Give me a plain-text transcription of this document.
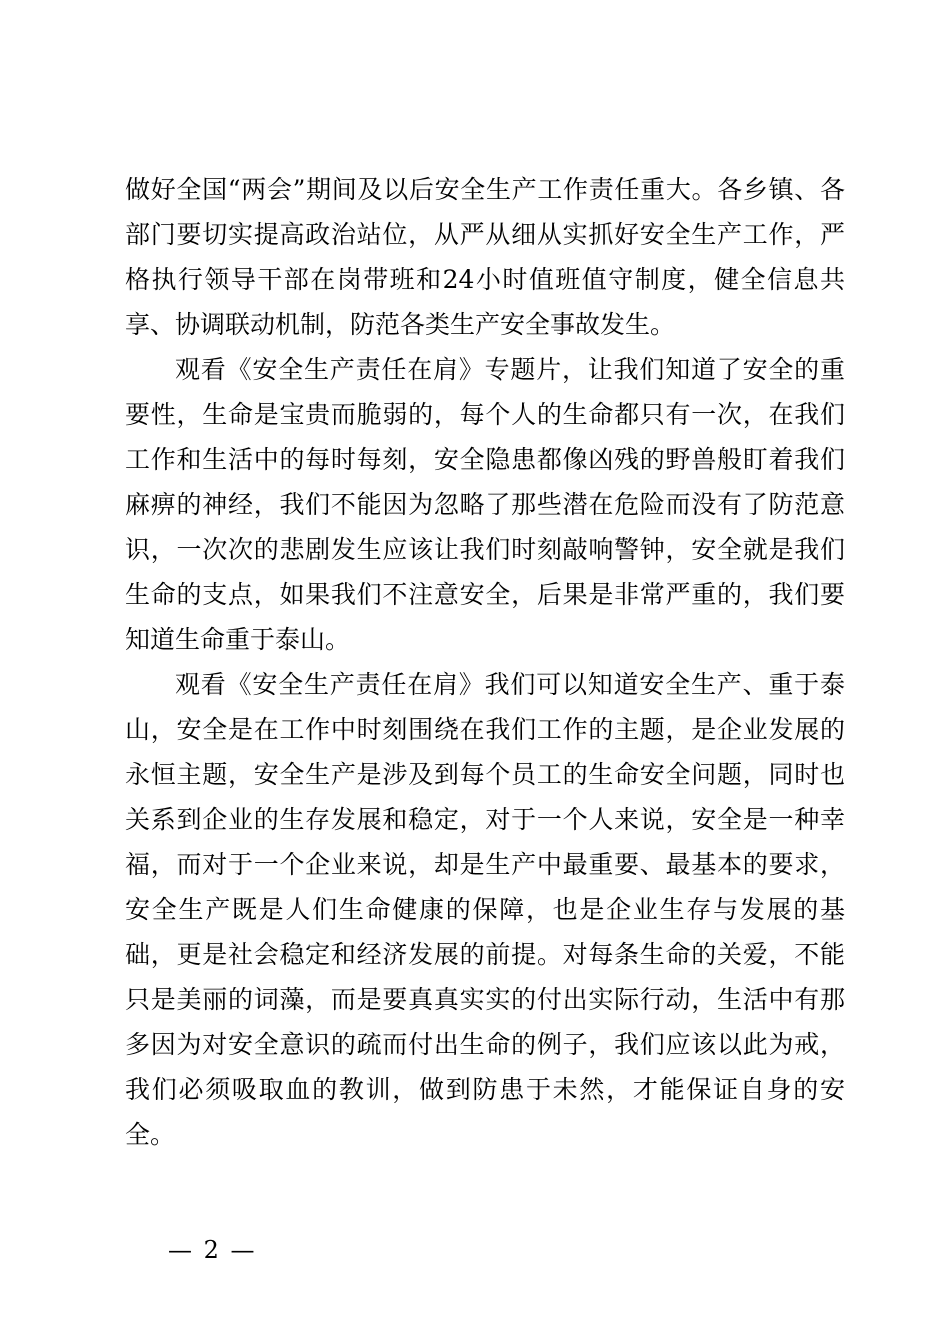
做好全国“两会”期间及以后安全生产工作责任重大。各乡镇、各部门要切实提高政治站位，从严从细从实抓好安全生产工作，严格执行领导干部在岗带班和24小时值班值守制度，健全信息共享、协调联动机制，防范各类生产安全事故发生。

观看《安全生产责任在肩》专题片，让我们知道了安全的重要性，生命是宝贵而脆弱的，每个人的生命都只有一次，在我们工作和生活中的每时每刻，安全隐患都像凶残的野兽般盯着我们麻痹的神经，我们不能因为忽略了那些潜在危险而没有了防范意识，一次次的悲剧发生应该让我们时刻敲响警钟，安全就是我们生命的支点，如果我们不注意安全，后果是非常严重的，我们要知道生命重于泰山。

观看《安全生产责任在肩》我们可以知道安全生产、重于泰山，安全是在工作中时刻围绕在我们工作的主题，是企业发展的永恒主题，安全生产是涉及到每个员工的生命安全问题，同时也关系到企业的生存发展和稳定，对于一个人来说，安全是一种幸福，而对于一个企业来说，却是生产中最重要、最基本的要求，安全生产既是人们生命健康的保障，也是企业生存与发展的基础，更是社会稳定和经济发展的前提。对每条生命的关爱，不能只是美丽的词藻，而是要真真实实的付出实际行动，生活中有那多因为对安全意识的疏而付出生命的例子，我们应该以此为戒，我们必须吸取血的教训，做到防患于未然，才能保证自身的安全。

— 2 —
